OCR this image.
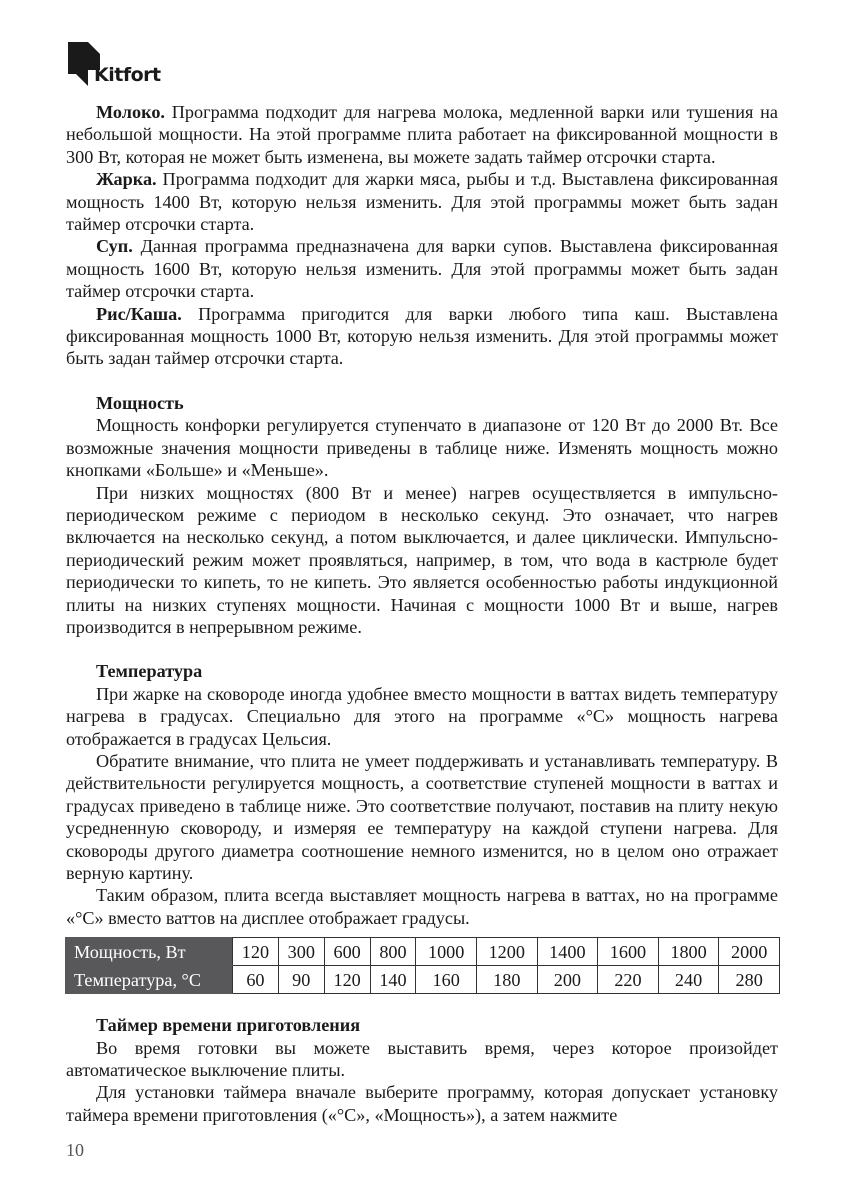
Kitfort

Молоко. Программа подходит для нагрева молока, медленной варки или тушения на небольшой мощности. На этой программе плита работает на фиксированной мощности в 300 Вт, которая не может быть изменена, вы можете задать таймер отсрочки старта.

Жарка. Программа подходит для жарки мяса, рыбы и т.д. Выставлена фиксированная мощность 1400 Вт, которую нельзя изменить. Для этой программы может быть задан таймер отсрочки старта.

Суп. Данная программа предназначена для варки супов. Выставлена фиксированная мощность 1600 Вт, которую нельзя изменить. Для этой программы может быть задан таймер отсрочки старта.

Рис/Каша. Программа пригодится для варки любого типа каш. Выставлена фиксированная мощность 1000 Вт, которую нельзя изменить. Для этой программы может быть задан таймер отсрочки старта.

Мощность

Мощность конфорки регулируется ступенчато в диапазоне от 120 Вт до 2000 Вт. Все возможные значения мощности приведены в таблице ниже. Изменять мощность можно кнопками «Больше» и «Меньше».

При низких мощностях (800 Вт и менее) нагрев осуществляется в импульсно-периодическом режиме с периодом в несколько секунд. Это означает, что нагрев включается на несколько секунд, а потом выключается, и далее циклически. Импульсно-периодический режим может проявляться, например, в том, что вода в кастрюле будет периодически то кипеть, то не кипеть. Это является особенностью работы индукционной плиты на низких ступенях мощности. Начиная с мощности 1000 Вт и выше, нагрев производится в непрерывном режиме.

Температура

При жарке на сковороде иногда удобнее вместо мощности в ваттах видеть температуру нагрева в градусах. Специально для этого на программе «°C» мощность нагрева отображается в градусах Цельсия.

Обратите внимание, что плита не умеет поддерживать и устанавливать температуру. В действительности регулируется мощность, а соответствие ступеней мощности в ваттах и градусах приведено в таблице ниже. Это соответствие получают, поставив на плиту некую усредненную сковороду, и измеряя ее температуру на каждой ступени нагрева. Для сковороды другого диаметра соотношение немного изменится, но в целом оно отражает верную картину.

Таким образом, плита всегда выставляет мощность нагрева в ваттах, но на программе «°C» вместо ваттов на дисплее отображает градусы.

Мощность, Вт	120	300	600	800	1000	1200	1400	1600	1800	2000
Температура, °C	60	90	120	140	160	180	200	220	240	280
Таймер времени приготовления

Во время готовки вы можете выставить время, через которое произойдет автоматическое выключение плиты.

Для установки таймера вначале выберите программу, которая допускает установку таймера времени приготовления («°C», «Мощность»), а затем нажмите

10
